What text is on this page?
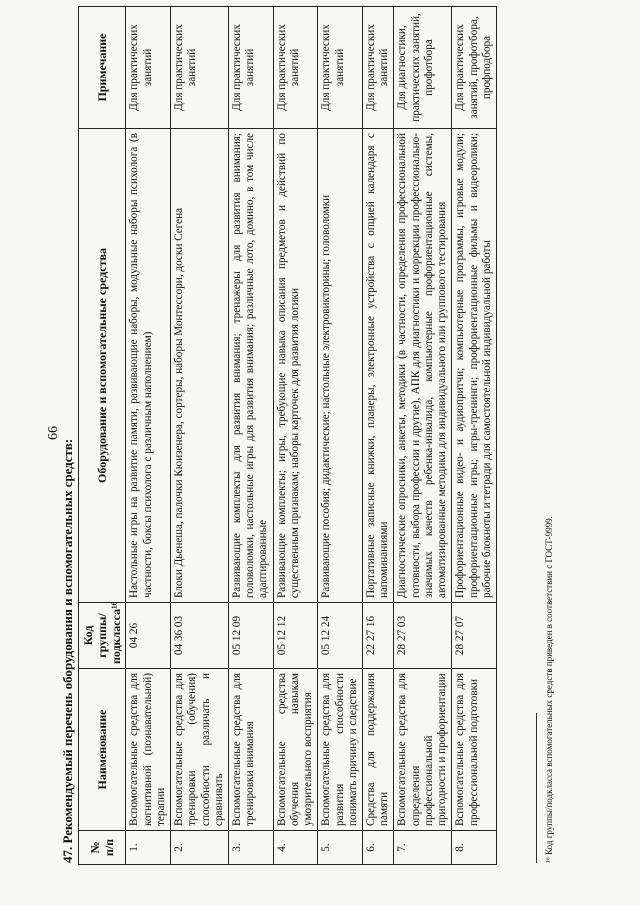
66
47. Рекомендуемый перечень оборудования и вспомогательных средств: № п/п	Наименование	Код группы/ подкласса¹⁶	Оборудование и вспомогательные средства	Примечание
1.	Вспомогательные средства для когнитивной (познавательной) терапии	04 26	Настольные игры на развитие памяти, развивающие наборы, модульные наборы психолога (в частности, боксы психолога с различным наполнением)	Для практических занятий
2.	Вспомогательные средства для тренировки (обучения) способности различать и сравнивать	04 36 03	Блоки Дьенеша, палочки Кюизенера, сортеры, наборы Монтессори, доски Сегена	Для практических занятий
3.	Вспомогательные средства для тренировки внимания	05 12 09	Развивающие комплекты для развития внимания; тренажеры для развития внимания; головоломки, настольные игры для развития внимания; различные лото, домино, в том числе адаптированные	Для практических занятий
4.	Вспомогательные средства обучения навыкам умозрительного восприятия	05 12 12	Развивающие комплекты; игры, требующие навыка описания предметов и действий по существенным признакам; наборы карточек для развития логики	Для практических занятий
5.	Вспомогательные средства для развития способности понимать причину и следствие	05 12 24	Развивающие пособия; дидактические; настольные электровикторины; головоломки	Для практических занятий
6.	Средства для поддержания памяти	22 27 16	Портативные записные книжки, планеры, электронные устройства с опцией календаря с напоминаниями	Для практических занятий
7.	Вспомогательные средства для определения профессиональной пригодности и профориентации	28 27 03	Диагностические опросники, анкеты, методики (в частности, определения профессиональной готовности, выбора профессии и другие), АПК для диагностики и коррекции профессионально-значимых качеств ребенка-инвалида, компьютерные профориентационные системы, автоматизированные методики для индивидуального или группового тестирования	Для диагностики, практических занятий, профотбора
8.	Вспомогательные средства для профессиональной подготовки	28 27 07	Профориентационные видео- и аудиопритчи; компьютерные программы, игровые модули; профориентационные игры; игры-тренинги; профориентационные фильмы и видеоролики; рабочие блокноты и тетради для самостоятельной индивидуальной работы	Для практических занятий, профотбора, профподбора
¹⁶ Код группы/подкласса вспомогательных средств приведен в соответствии с ГОСТ-9999.
